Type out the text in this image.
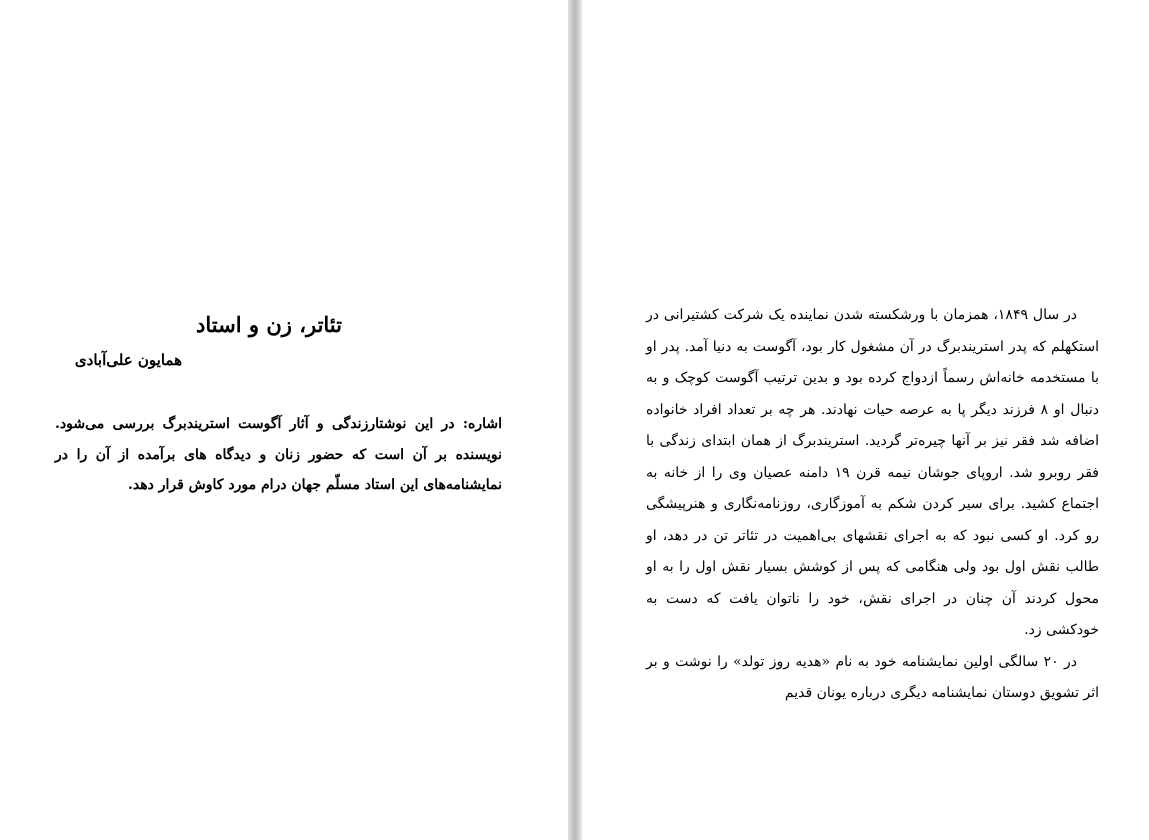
تئاتر، زن و استاد
همایون علی‌آبادی

اشاره: در این نوشتارزندگی و آثار آگوست استریندبرگ بررسی می‌شود. نویسنده بر آن است که حضور زنان و دیدگاه های برآمده از آن را در نمایشنامه‌های این استاد مسلّم جهان درام مورد کاوش قرار دهد.

در سال ۱۸۴۹، همزمان با ورشکسته شدن نماینده یک شرکت کشتیرانی در استکهلم که پدر استریندبرگ در آن مشغول کار بود، آگوست به دنیا آمد. پدر او با مستخدمه خانه‌اش رسماً ازدواج کرده بود و بدین ترتیب آگوست کوچک و به دنبال او ۸ فرزند دیگر پا به عرصه حیات نهادند. هر چه بر تعداد افراد خانواده اضافه شد فقر نیز بر آنها چیره‌تر گردید. استریندبرگ از همان ابتدای زندگی با فقر روبرو شد. اروپای جوشان نیمه قرن ۱۹ دامنه عصیان وی را از خانه به اجتماع کشید. برای سیر کردن شکم به آموزگاری، روزنامه‌نگاری و هنرپیشگی رو کرد. او کسی نبود که به اجرای نقشهای بی‌اهمیت در تئاتر تن در دهد، او طالب نقش اول بود ولی هنگامی که پس از کوشش بسیار نقش اول را به او محول کردند آن چنان در اجرای نقش، خود را ناتوان یافت که دست به خودکشی زد.

در ۲۰ سالگی اولین نمایشنامه خود به نام «هدیه روز تولد» را نوشت و بر اثر تشویق دوستان نمایشنامه دیگری درباره یونان قدیم
